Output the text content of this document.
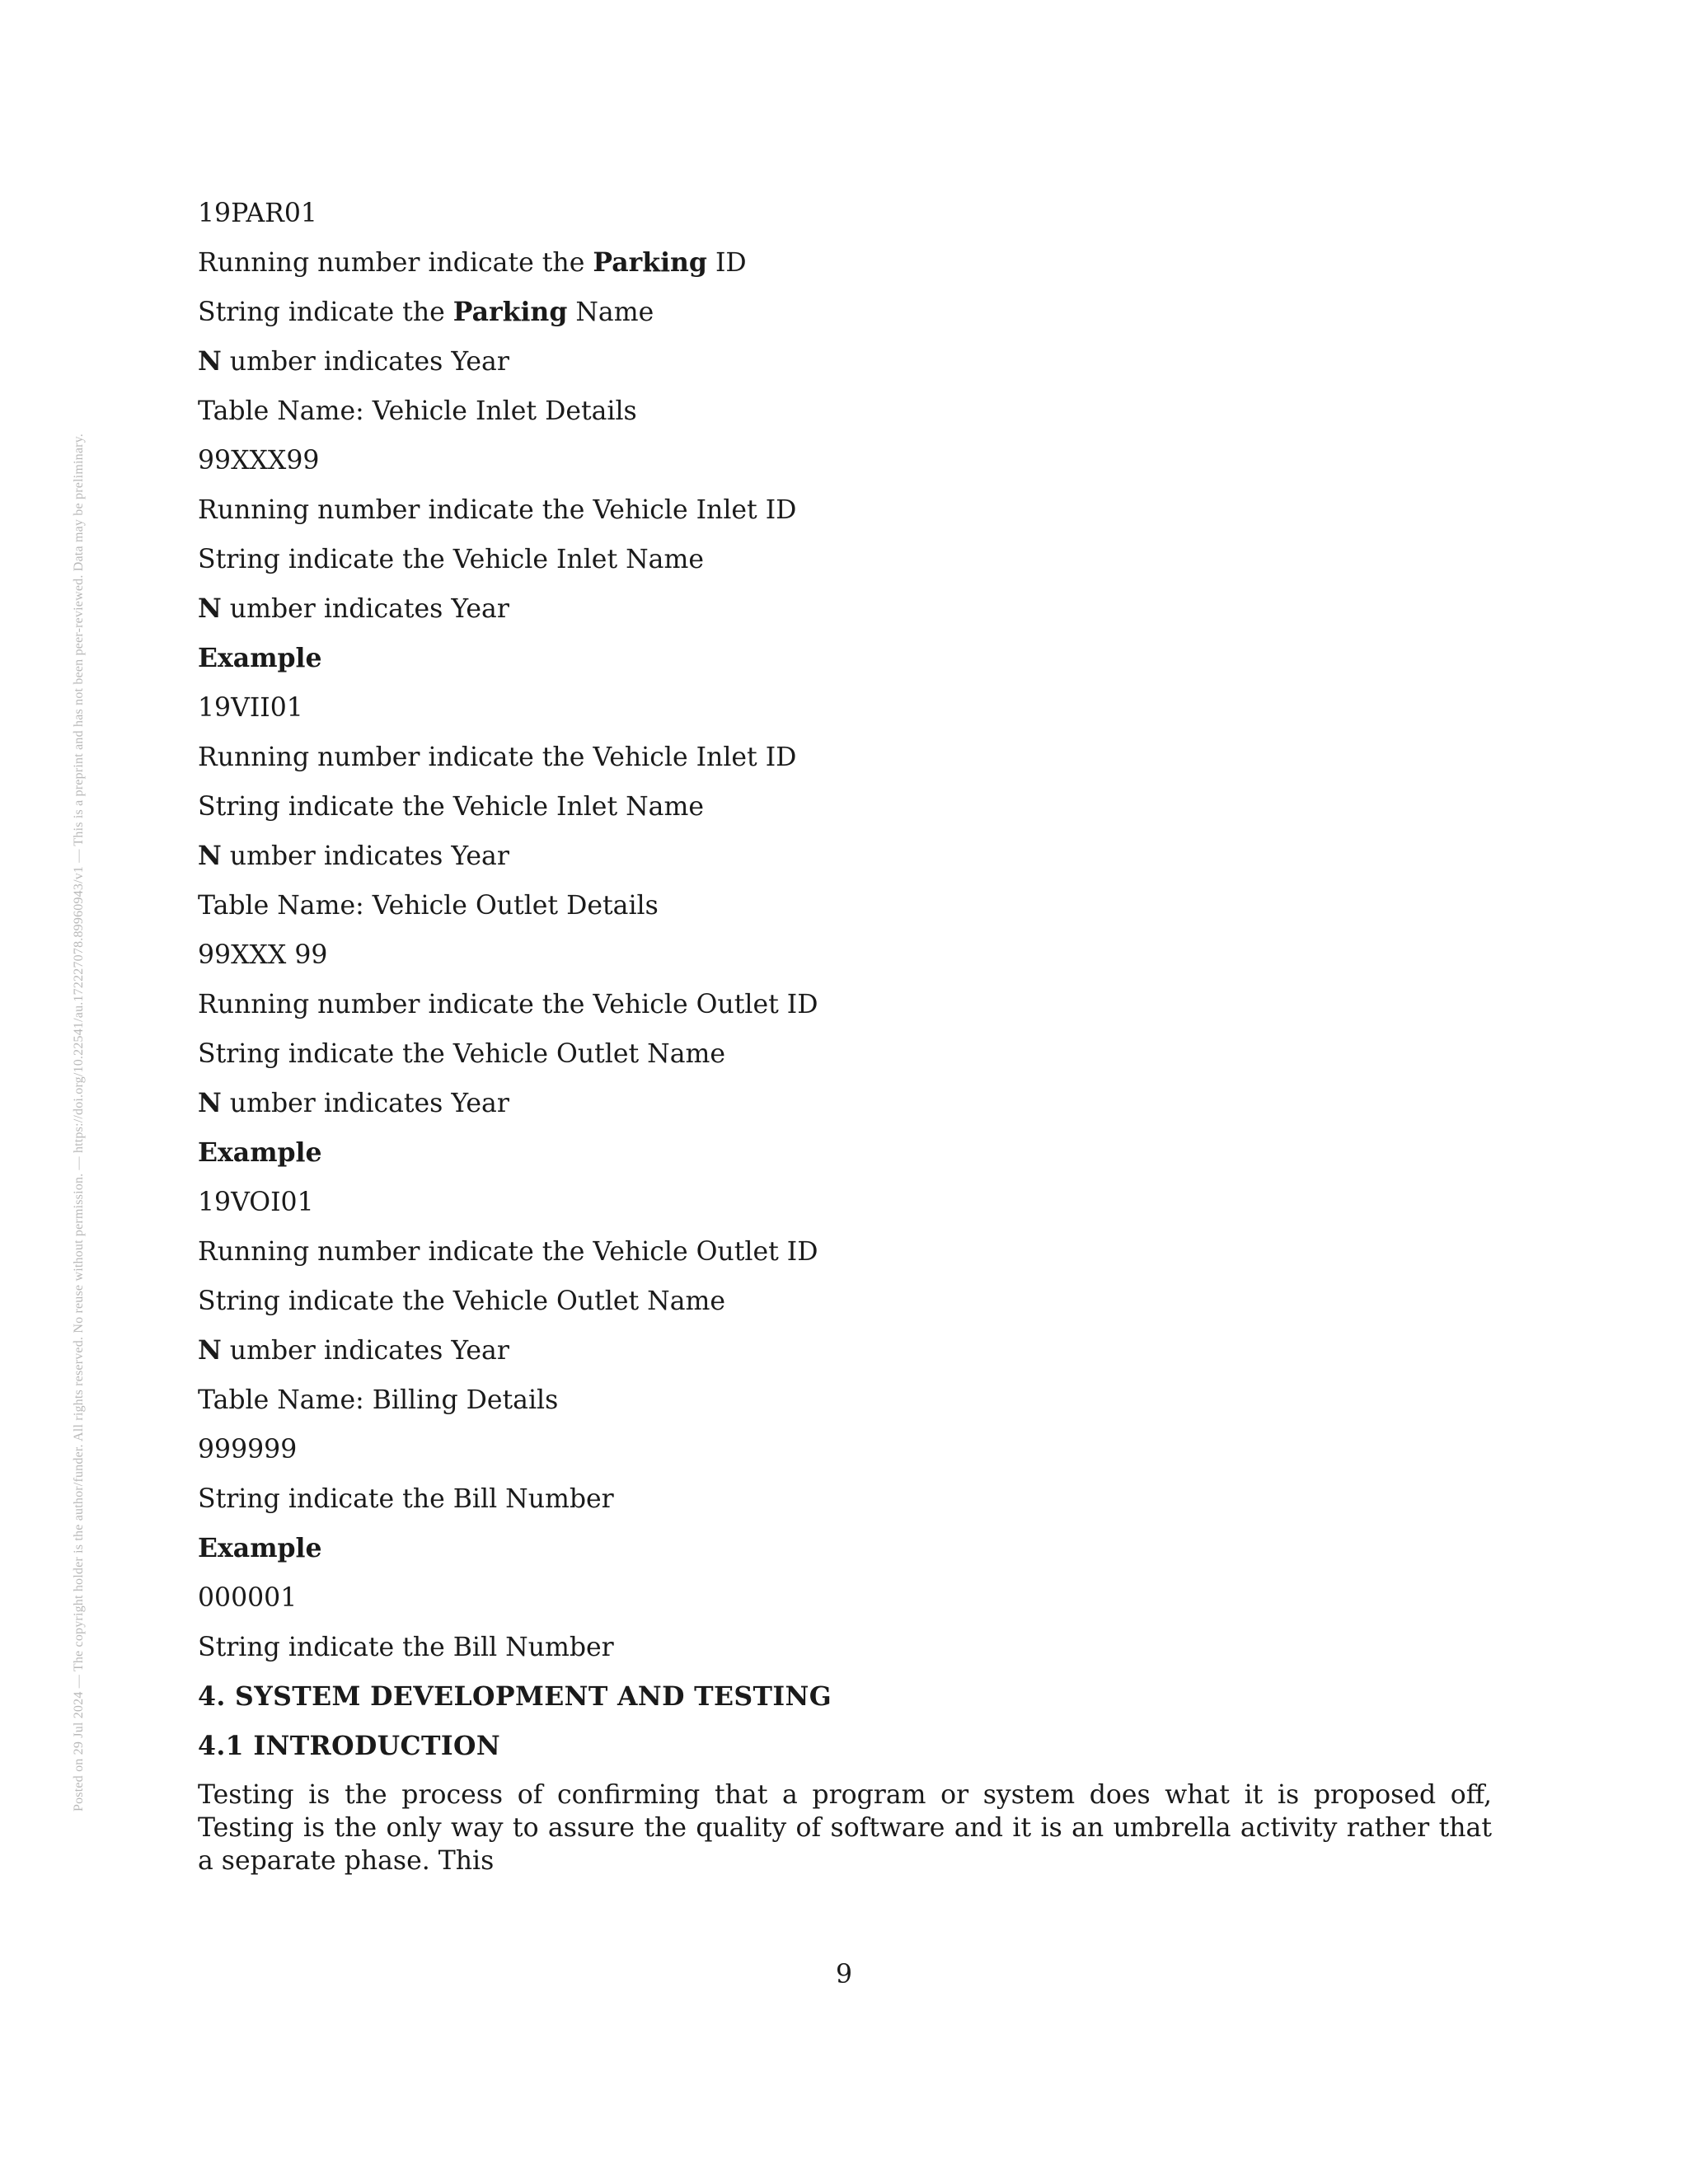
Posted on 29 Jul 2024 — The copyright holder is the author/funder. All rights reserved. No reuse without permission. — https://doi.org/10.22541/au.172227078.89960943/v1 — This is a preprint and has not been peer-reviewed. Data may be preliminary.
19PAR01
Running number indicate the Parking ID
String indicate the Parking Name
N umber indicates Year
Table Name: Vehicle Inlet Details
99XXX99
Running number indicate the Vehicle Inlet ID
String indicate the Vehicle Inlet Name
N umber indicates Year
Example
19VII01
Running number indicate the Vehicle Inlet ID
String indicate the Vehicle Inlet Name
N umber indicates Year
Table Name: Vehicle Outlet Details
99XXX 99
Running number indicate the Vehicle Outlet ID
String indicate the Vehicle Outlet Name
N umber indicates Year
Example
19VOI01
Running number indicate the Vehicle Outlet ID
String indicate the Vehicle Outlet Name
N umber indicates Year
Table Name: Billing Details
999999
String indicate the Bill Number
Example
000001
String indicate the Bill Number
4. SYSTEM DEVELOPMENT AND TESTING
4.1 INTRODUCTION

Testing is the process of confirming that a program or system does what it is proposed off, Testing is the only way to assure the quality of software and it is an umbrella activity rather that a separate phase. This

9
